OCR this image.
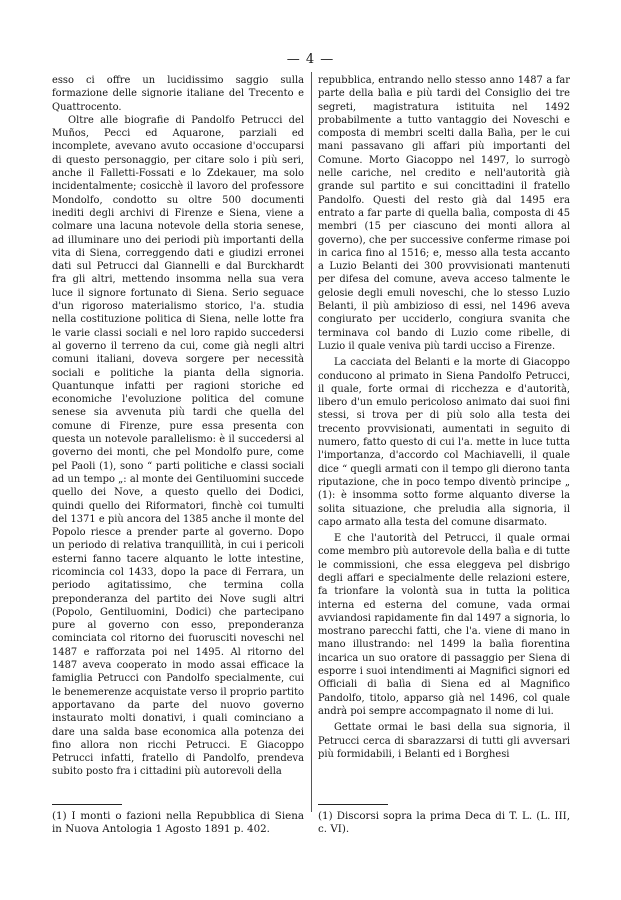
— 4 —

esso ci offre un lucidissimo saggio sulla formazione delle signorie italiane del Trecento e Quattrocento.

Oltre alle biografie di Pandolfo Petrucci del Muños, Pecci ed Aquarone, parziali ed incomplete, avevano avuto occasione d'occuparsi di questo personaggio, per citare solo i più seri, anche il Falletti-Fossati e lo Zdekauer, ma solo incidentalmente; cosicchè il lavoro del professore Mondolfo, condotto su oltre 500 documenti inediti degli archivi di Firenze e Siena, viene a colmare una lacuna notevole della storia senese, ad illuminare uno dei periodi più importanti della vita di Siena, correggendo dati e giudizi erronei dati sul Petrucci dal Giannelli e dal Burckhardt fra gli altri, mettendo insomma nella sua vera luce il signore fortunato di Siena. Serio seguace d'un rigoroso materialismo storico, l'a. studia nella costituzione politica di Siena, nelle lotte fra le varie classi sociali e nel loro rapido succedersi al governo il terreno da cui, come già negli altri comuni italiani, doveva sorgere per necessità sociali e politiche la pianta della signoria. Quantunque infatti per ragioni storiche ed economiche l'evoluzione politica del comune senese sia avvenuta più tardi che quella del comune di Firenze, pure essa presenta con questa un notevole parallelismo: è il succedersi al governo dei monti, che pel Mondolfo pure, come pel Paoli (1), sono “ parti politiche e classi sociali ad un tempo „: al monte dei Gentiluomini succede quello dei Nove, a questo quello dei Dodici, quindi quello dei Riformatori, finchè coi tumulti del 1371 e più ancora del 1385 anche il monte del Popolo riesce a prender parte al governo. Dopo un periodo di relativa tranquillità, in cui i pericoli esterni fanno tacere alquanto le lotte intestine, ricomincia col 1433, dopo la pace di Ferrara, un periodo agitatissimo, che termina colla preponderanza del partito dei Nove sugli altri (Popolo, Gentiluomini, Dodici) che partecipano pure al governo con esso, preponderanza cominciata col ritorno dei fuorusciti noveschi nel 1487 e rafforzata poi nel 1495. Al ritorno del 1487 aveva cooperato in modo assai efficace la famiglia Petrucci con Pandolfo specialmente, cui le benemerenze acquistate verso il proprio partito apportavano da parte del nuovo governo instaurato molti donativi, i quali cominciano a dare una salda base economica alla potenza dei fino allora non ricchi Petrucci. E Giacoppo Petrucci infatti, fratello di Pandolfo, prendeva subito posto fra i cittadini più autorevoli della

repubblica, entrando nello stesso anno 1487 a far parte della balìa e più tardi del Consiglio dei tre segreti, magistratura istituita nel 1492 probabilmente a tutto vantaggio dei Noveschi e composta di membri scelti dalla Balìa, per le cui mani passavano gli affari più importanti del Comune. Morto Giacoppo nel 1497, lo surrogò nelle cariche, nel credito e nell'autorità già grande sul partito e sui concittadini il fratello Pandolfo. Questi del resto già dal 1495 era entrato a far parte di quella balìa, composta di 45 membri (15 per ciascuno dei monti allora al governo), che per successive conferme rimase poi in carica fino al 1516; e, messo alla testa accanto a Luzio Belanti dei 300 provvisionati mantenuti per difesa del comune, aveva acceso talmente le gelosie degli emuli noveschi, che lo stesso Luzio Belanti, il più ambizioso di essi, nel 1496 aveva congiurato per ucciderlo, congiura svanita che terminava col bando di Luzio come ribelle, di Luzio il quale veniva più tardi ucciso a Firenze.

La cacciata del Belanti e la morte di Giacoppo conducono al primato in Siena Pandolfo Petrucci, il quale, forte ormai di ricchezza e d'autorità, libero d'un emulo pericoloso animato dai suoi fini stessi, si trova per di più solo alla testa dei trecento provvisionati, aumentati in seguito di numero, fatto questo di cui l'a. mette in luce tutta l'importanza, d'accordo col Machiavelli, il quale dice “ quegli armati con il tempo gli dierono tanta riputazione, che in poco tempo diventò principe „ (1): è insomma sotto forme alquanto diverse la solita situazione, che preludia alla signoria, il capo armato alla testa del comune disarmato.

E che l'autorità del Petrucci, il quale ormai come membro più autorevole della balìa e di tutte le commissioni, che essa eleggeva pel disbrigo degli affari e specialmente delle relazioni estere, fa trionfare la volontà sua in tutta la politica interna ed esterna del comune, vada ormai avviandosi rapidamente fin dal 1497 a signoria, lo mostrano parecchi fatti, che l'a. viene di mano in mano illustrando: nel 1499 la balìa fiorentina incarica un suo oratore di passaggio per Siena di esporre i suoi intendimenti ai Magnifici signori ed Officiali di balìa di Siena ed al Magnifico Pandolfo, titolo, apparso già nel 1496, col quale andrà poi sempre accompagnato il nome di lui.

Gettate ormai le basi della sua signoria, il Petrucci cerca di sbarazzarsi di tutti gli avversari più formidabili, i Belanti ed i Borghesi

(1) I monti o fazioni nella Repubblica di Siena in Nuova Antologia 1 Agosto 1891 p. 402.
(1) Discorsi sopra la prima Deca di T. L. (L. III, c. VI).
